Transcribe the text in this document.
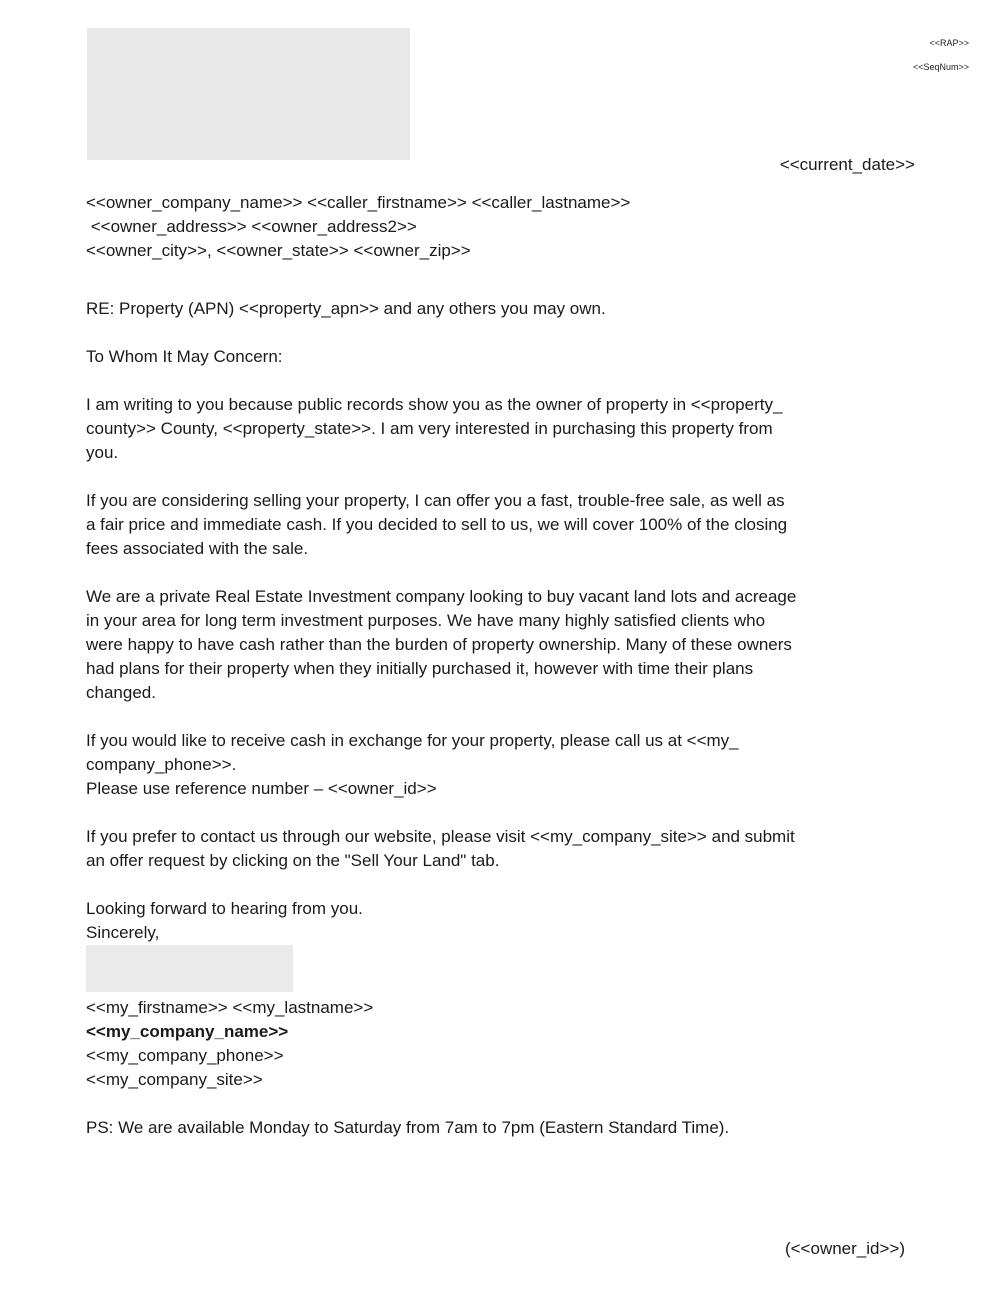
<<RAP>>
<<SeqNum>>
<<current_date>>
<<owner_company_name>> <<caller_firstname>> <<caller_lastname>>
<<owner_address>> <<owner_address2>>
<<owner_city>>, <<owner_state>> <<owner_zip>>
RE: Property (APN) <<property_apn>> and any others you may own.
To Whom It May Concern:
I am writing to you because public records show you as the owner of property in <<property_
county>> County, <<property_state>>. I am very interested in purchasing this property from
you.
If you are considering selling your property, I can offer you a fast, trouble-free sale, as well as
a fair price and immediate cash. If you decided to sell to us, we will cover 100% of the closing
fees associated with the sale.
We are a private Real Estate Investment company looking to buy vacant land lots and acreage
in your area for long term investment purposes. We have many highly satisfied clients who
were happy to have cash rather than the burden of property ownership. Many of these owners
had plans for their property when they initially purchased it, however with time their plans
changed.
If you would like to receive cash in exchange for your property, please call us at <<my_
company_phone>>.
Please use reference number – <<owner_id>>
If you prefer to contact us through our website, please visit <<my_company_site>> and submit
an offer request by clicking on the "Sell Your Land" tab.
Looking forward to hearing from you.
Sincerely,
<<my_firstname>> <<my_lastname>>
<<my_company_name>>
<<my_company_phone>>
<<my_company_site>>
PS: We are available Monday to Saturday from 7am to 7pm (Eastern Standard Time).
(<<owner_id>>)
